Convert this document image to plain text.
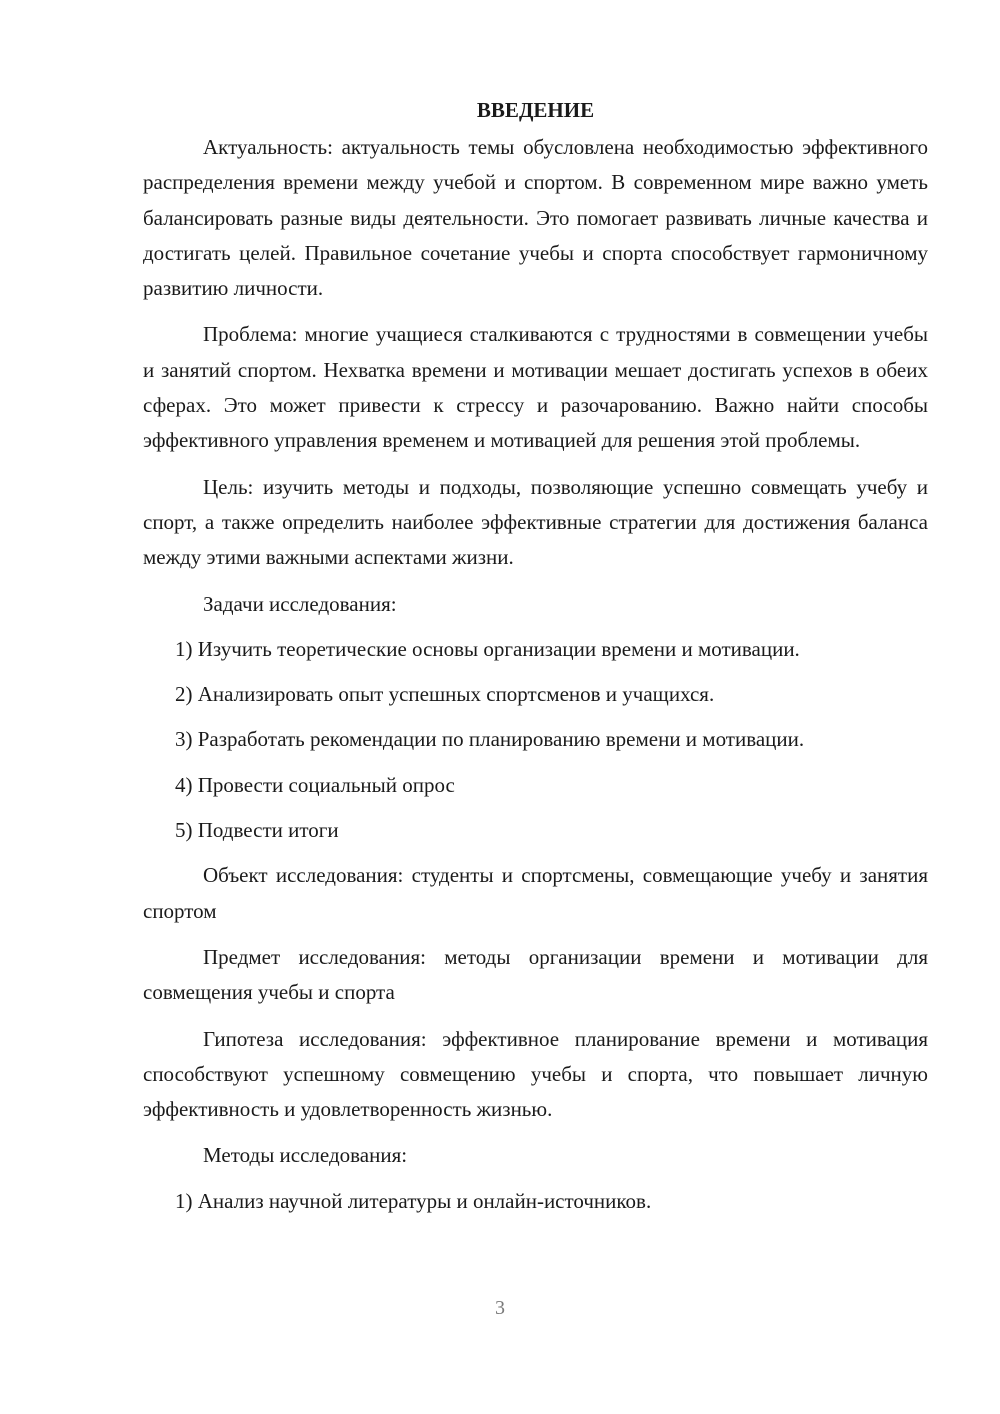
ВВЕДЕНИЕ

Актуальность: актуальность темы обусловлена необходимостью эффективного распределения времени между учебой и спортом. В современном мире важно уметь балансировать разные виды деятельности. Это помогает развивать личные качества и достигать целей. Правильное сочетание учебы и спорта способствует гармоничному развитию личности.

Проблема: многие учащиеся сталкиваются с трудностями в совмещении учебы и занятий спортом. Нехватка времени и мотивации мешает достигать успехов в обеих сферах. Это может привести к стрессу и разочарованию. Важно найти способы эффективного управления временем и мотивацией для решения этой проблемы.

Цель: изучить методы и подходы, позволяющие успешно совмещать учебу и спорт, а также определить наиболее эффективные стратегии для достижения баланса между этими важными аспектами жизни.

Задачи исследования:

1) Изучить теоретические основы организации времени и мотивации.
2) Анализировать опыт успешных спортсменов и учащихся.
3) Разработать рекомендации по планированию времени и мотивации.
4) Провести социальный опрос
5) Подвести итоги

Объект исследования: студенты и спортсмены, совмещающие учебу и занятия спортом

Предмет исследования: методы организации времени и мотивации для совмещения учебы и спорта

Гипотеза исследования: эффективное планирование времени и мотивация способствуют успешному совмещению учебы и спорта, что повышает личную эффективность и удовлетворенность жизнью.

Методы исследования:

1) Анализ научной литературы и онлайн-источников.
3
